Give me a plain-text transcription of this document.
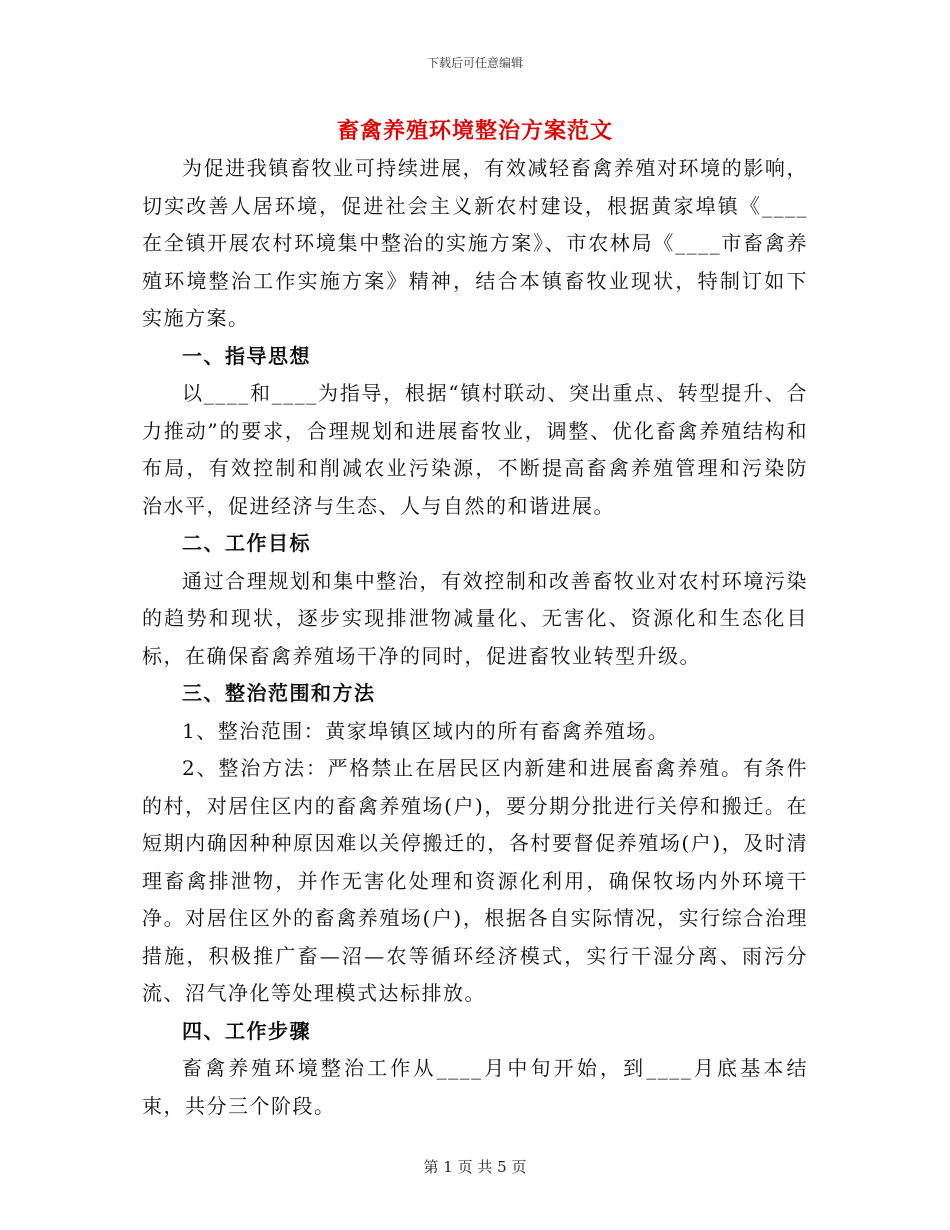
下载后可任意编辑
畜禽养殖环境整治方案范文

为促进我镇畜牧业可持续进展，有效减轻畜禽养殖对环境的影响，切实改善人居环境，促进社会主义新农村建设，根据黄家埠镇《____在全镇开展农村环境集中整治的实施方案》、市农林局《____市畜禽养殖环境整治工作实施方案》精神，结合本镇畜牧业现状，特制订如下实施方案。

一、指导思想

以____和____为指导，根据“镇村联动、突出重点、转型提升、合力推动”的要求，合理规划和进展畜牧业，调整、优化畜禽养殖结构和布局，有效控制和削减农业污染源，不断提高畜禽养殖管理和污染防治水平，促进经济与生态、人与自然的和谐进展。

二、工作目标

通过合理规划和集中整治，有效控制和改善畜牧业对农村环境污染的趋势和现状，逐步实现排泄物减量化、无害化、资源化和生态化目标，在确保畜禽养殖场干净的同时，促进畜牧业转型升级。

三、整治范围和方法

1、整治范围：黄家埠镇区域内的所有畜禽养殖场。

2、整治方法：严格禁止在居民区内新建和进展畜禽养殖。有条件的村，对居住区内的畜禽养殖场(户)，要分期分批进行关停和搬迁。在短期内确因种种原因难以关停搬迁的，各村要督促养殖场(户)，及时清理畜禽排泄物，并作无害化处理和资源化利用，确保牧场内外环境干净。对居住区外的畜禽养殖场(户)，根据各自实际情况，实行综合治理措施，积极推广畜—沼—农等循环经济模式，实行干湿分离、雨污分流、沼气净化等处理模式达标排放。

四、工作步骤

畜禽养殖环境整治工作从____月中旬开始，到____月底基本结束，共分三个阶段。

第 1 页 共 5 页
